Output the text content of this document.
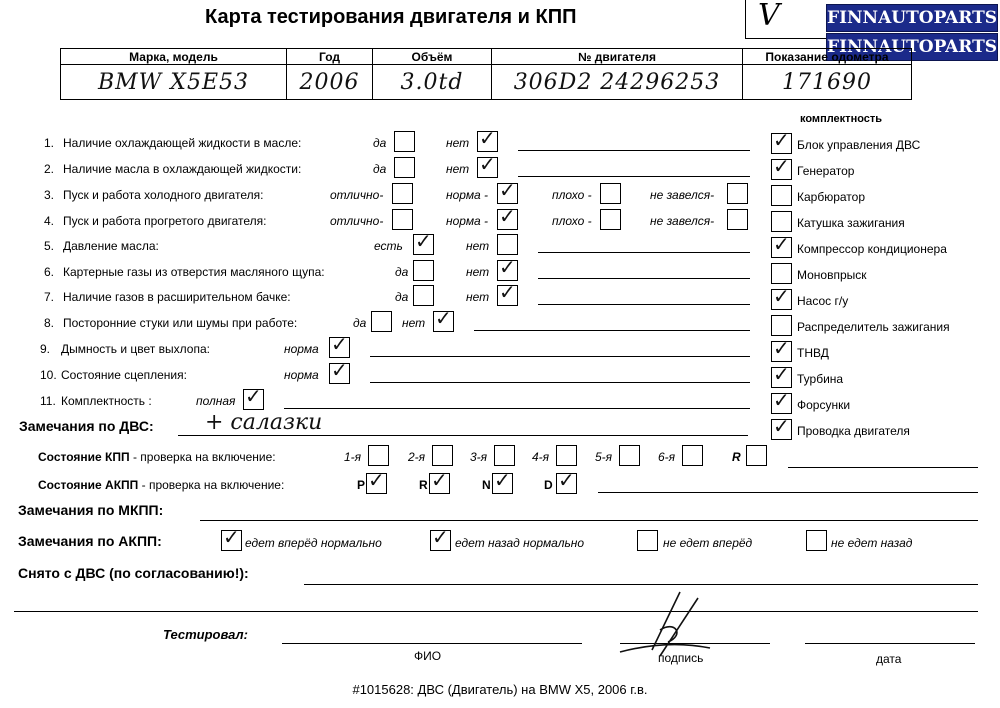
Карта тестирования двигателя и КПП	V	FINNAUTOPARTS
FINNAUTOPARTS
Марка, модель	Год	Объём	№ двигателя	Показание одометра
BMW X5E53	2006	3.0td	306D2 24296253	171690
комплектность
1. Наличие охлаждающей жидкости в масле:	да	нет ✓
2. Наличие масла в охлаждающей жидкости:	да	нет ✓
3. Пуск и работа холодного двигателя:	отлично-	норма - ✓	плохо -	не завелся-
4. Пуск и работа прогретого двигателя:	отлично-	норма - ✓	плохо -	не завелся-
5. Давление масла:	есть ✓	нет
6. Картерные газы из отверстия масляного щупа:	да	нет ✓
7. Наличие газов в расширительном бачке:	да	нет ✓
8. Посторонние стуки или шумы при работе:	да	нет ✓
9. Дымность и цвет выхлопа:	норма ✓
10. Состояние сцепления:	норма ✓
11. Комплектность :	полная ✓
✓ Блок управления ДВС
✓ Генератор
Карбюратор
Катушка зажигания
✓ Компрессор кондиционера
Моновпрыск
✓ Насос г/у
Распределитель зажигания
✓ ТНВД
✓ Турбина
✓ Форсунки
✓ Проводка двигателя
Замечания по ДВС: + салазки
Состояние КПП - проверка на включение:	1-я	2-я	3-я	4-я	5-я	6-я	R
Состояние АКПП - проверка на включение:	P ✓	R ✓	N ✓	D ✓
Замечания по МКПП:
Замечания по АКПП:	✓ едет вперёд нормально	✓ едет назад нормально	не едет вперёд	не едет назад
Снято с ДВС (по согласованию!):
Тестировал:
ФИО	подпись	дата
#1015628: ДВС (Двигатель) на BMW X5, 2006 г.в.
